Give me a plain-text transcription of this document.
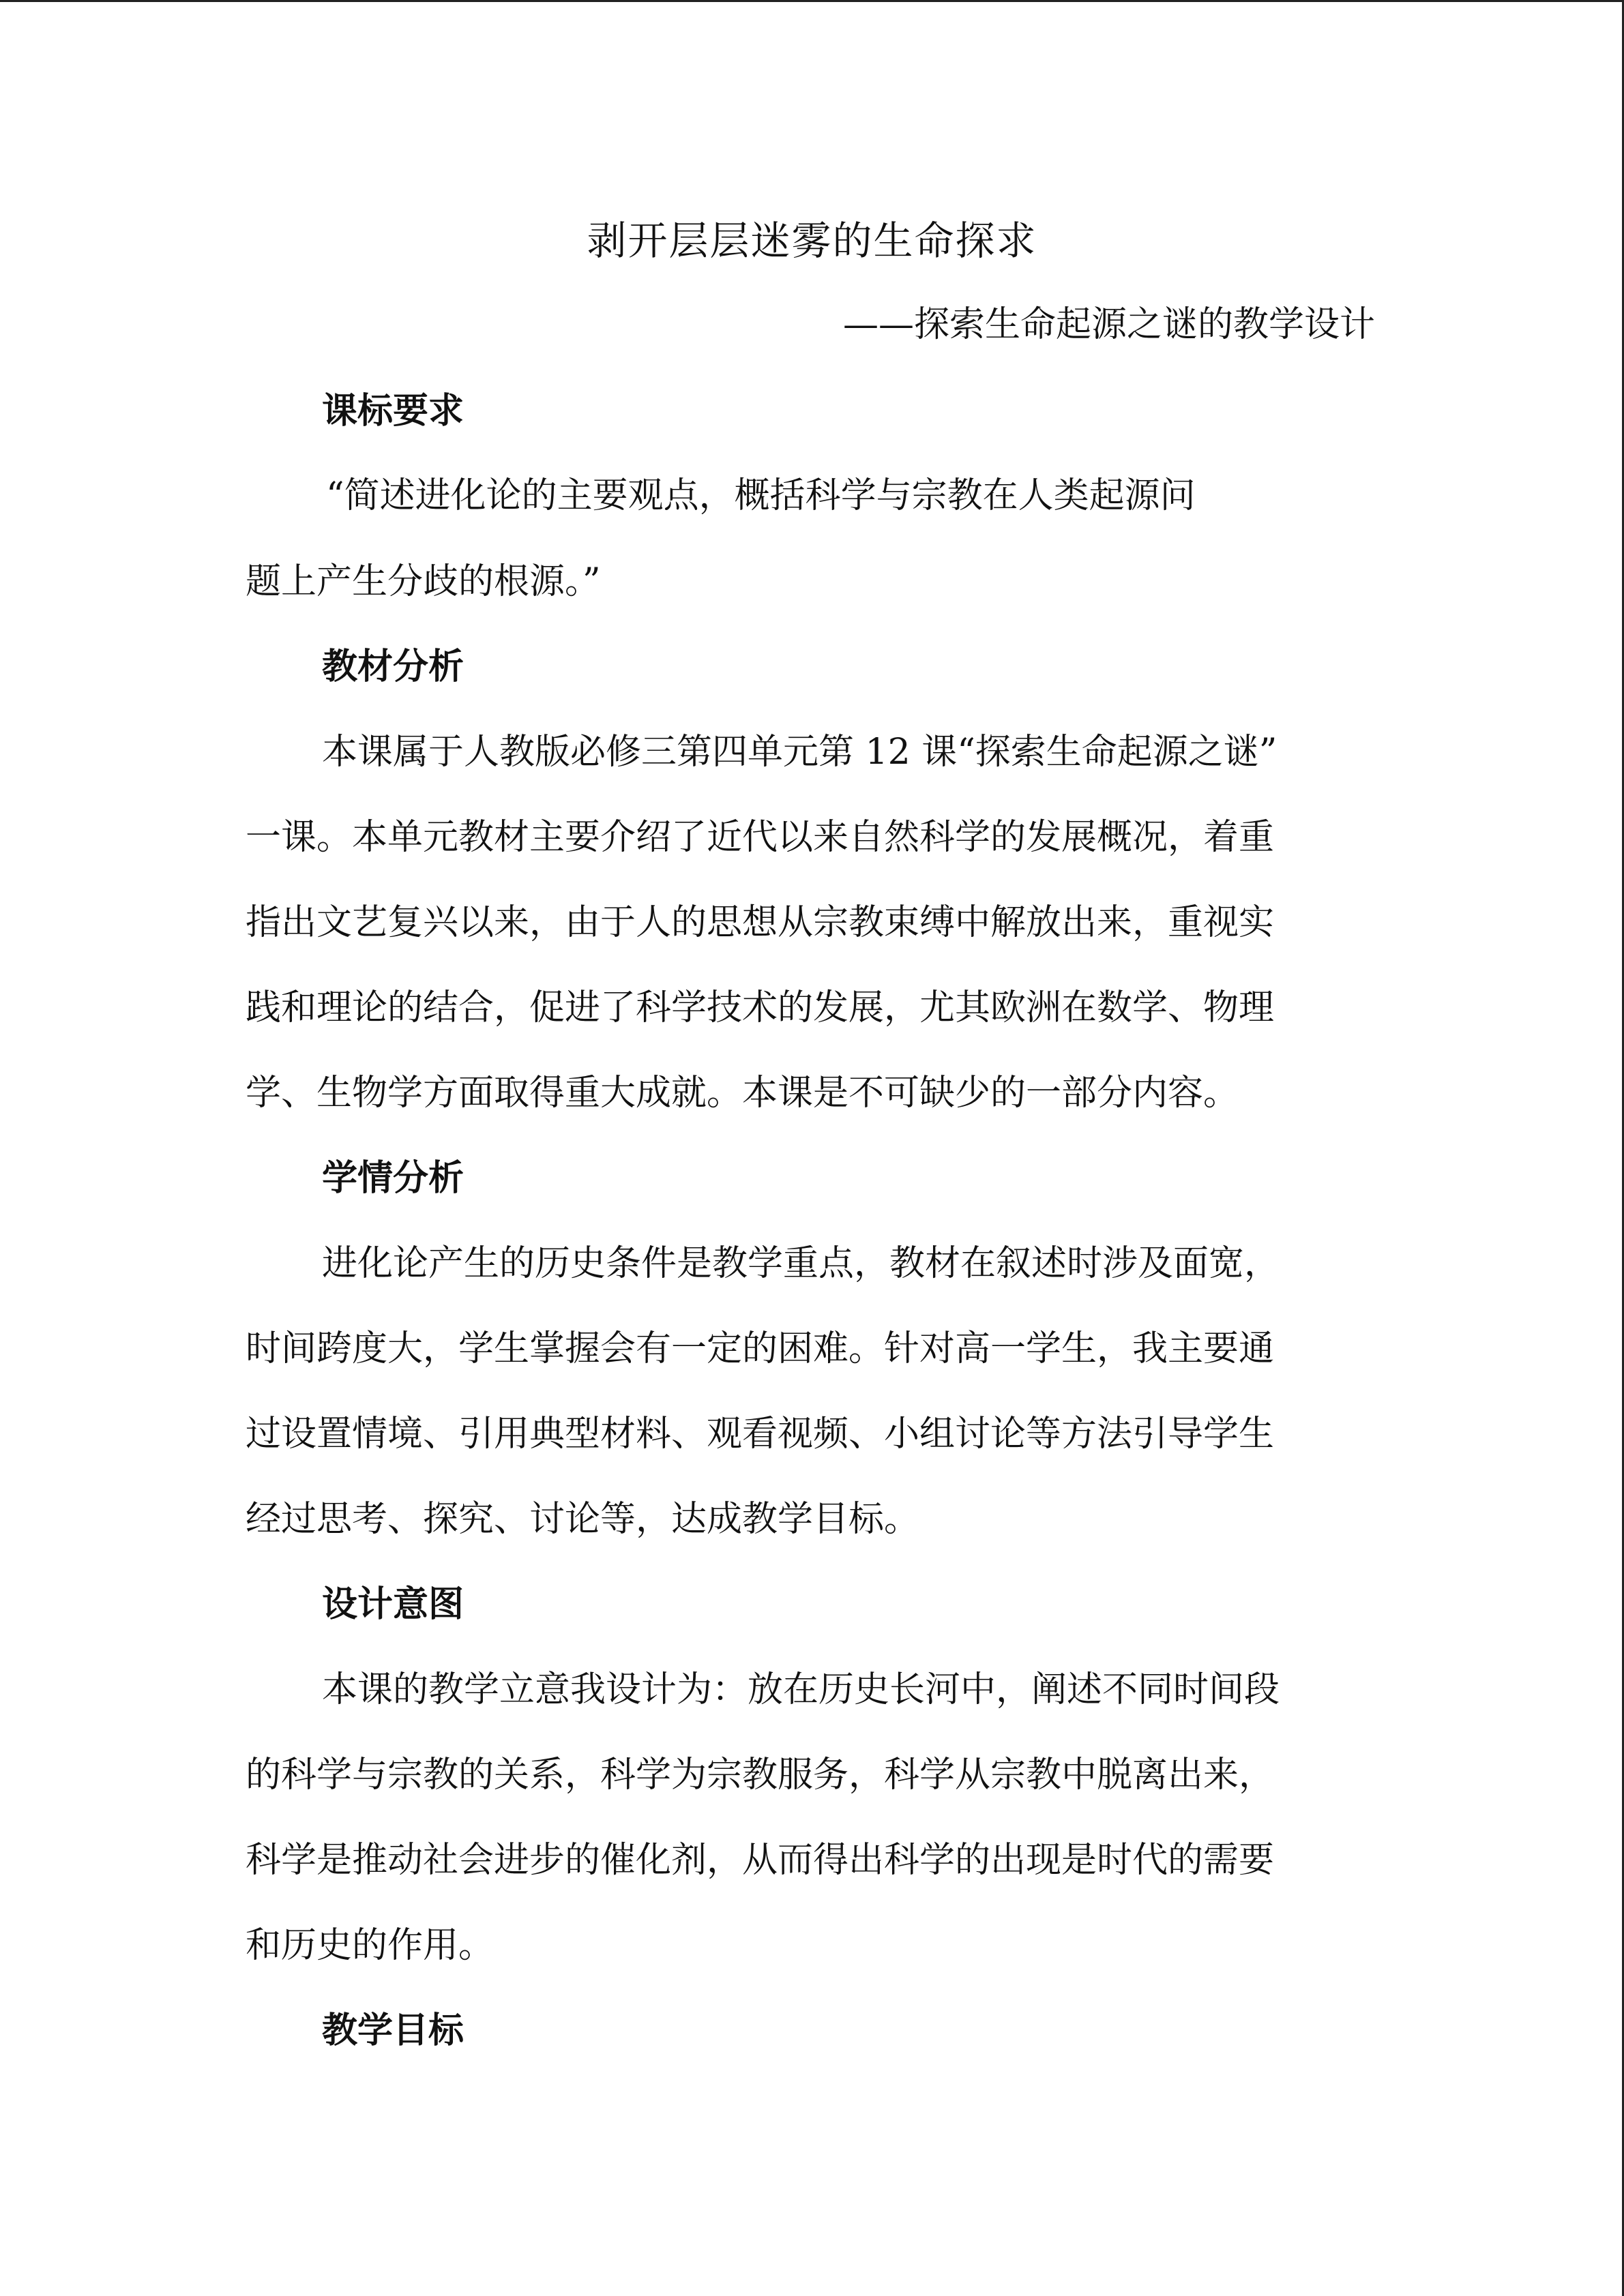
剥开层层迷雾的生命探求
——探索生命起源之谜的教学设计
课标要求
“简述进化论的主要观点，概括科学与宗教在人类起源问
题上产生分歧的根源。”
教材分析
本课属于人教版必修三第四单元第 12 课“探索生命起源之谜”
一课。本单元教材主要介绍了近代以来自然科学的发展概况，着重
指出文艺复兴以来，由于人的思想从宗教束缚中解放出来，重视实
践和理论的结合，促进了科学技术的发展，尤其欧洲在数学、物理
学、生物学方面取得重大成就。本课是不可缺少的一部分内容。
学情分析
进化论产生的历史条件是教学重点，教材在叙述时涉及面宽，
时间跨度大，学生掌握会有一定的困难。针对高一学生，我主要通
过设置情境、引用典型材料、观看视频、小组讨论等方法引导学生
经过思考、探究、讨论等，达成教学目标。
设计意图
本课的教学立意我设计为：放在历史长河中，阐述不同时间段
的科学与宗教的关系，科学为宗教服务，科学从宗教中脱离出来，
科学是推动社会进步的催化剂，从而得出科学的出现是时代的需要
和历史的作用。
教学目标
